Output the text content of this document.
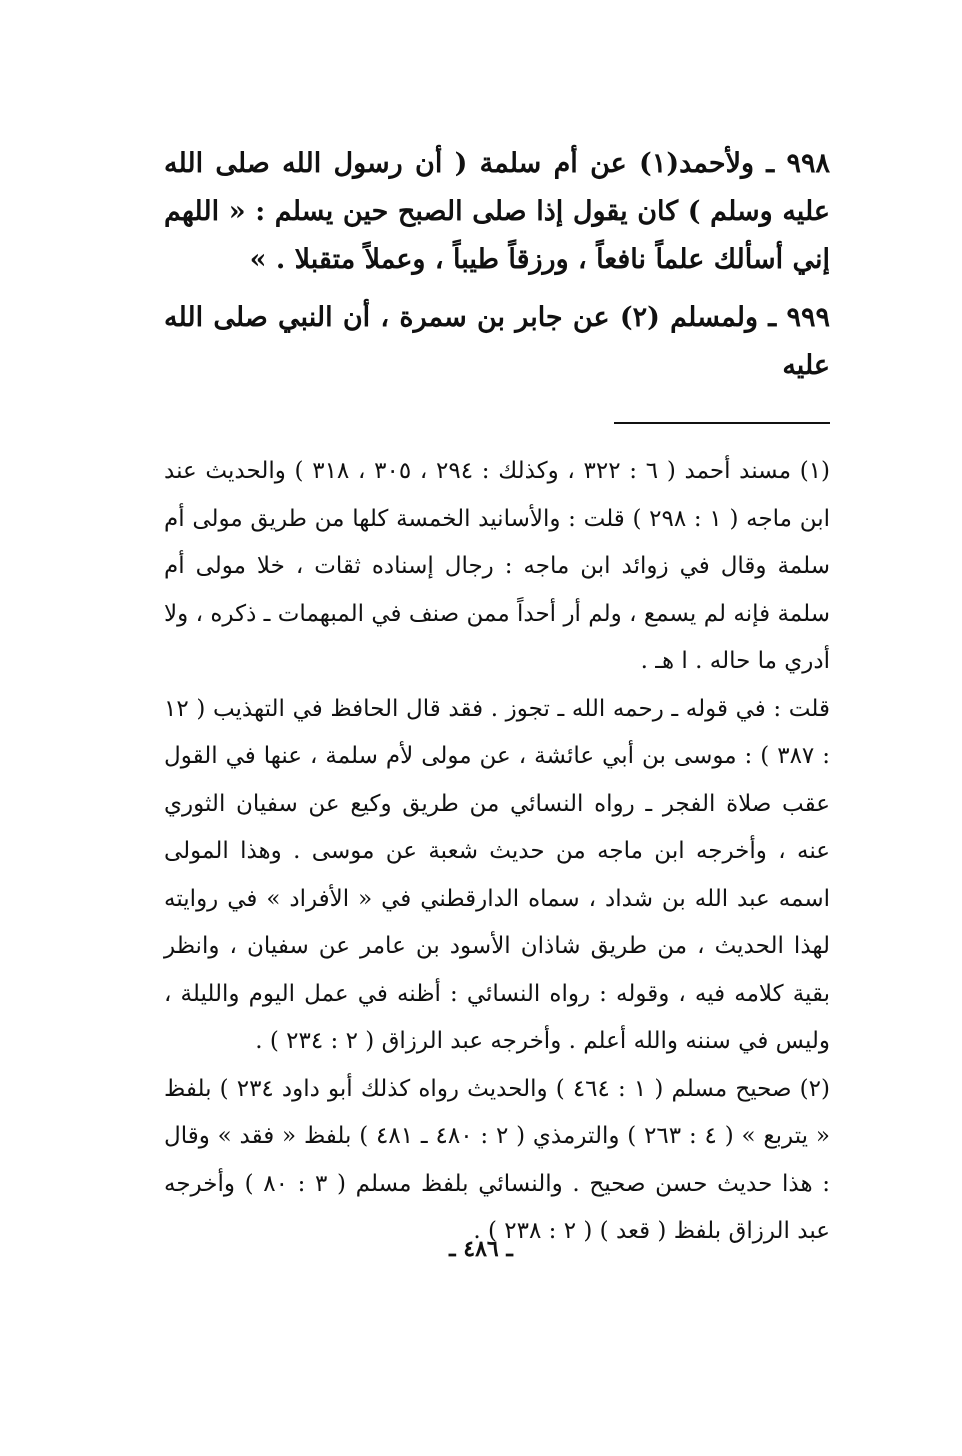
٩٩٨ ـ ولأحمد(١) عن أم سلمة ( أن رسول الله صلى الله عليه وسلم ) كان يقول إذا صلى الصبح حين يسلم : « اللهم إني أسألك علماً نافعاً ، ورزقاً طيباً ، وعملاً متقبلا . »

٩٩٩ ـ ولمسلم (٢) عن جابر بن سمرة ، أن النبي صلى الله عليه

(١) مسند أحمد ( ٦ : ٣٢٢ ، وكذلك : ٢٩٤ ، ٣٠٥ ، ٣١٨ ) والحديث عند ابن ماجه ( ١ : ٢٩٨ ) قلت : والأسانيد الخمسة كلها من طريق مولى أم سلمة وقال في زوائد ابن ماجه : رجال إسناده ثقات ، خلا مولى أم سلمة فإنه لم يسمع ، ولم أر أحداً ممن صنف في المبهمات ـ ذكره ، ولا أدري ما حاله . ا هـ .

قلت : في قوله ـ رحمه الله ـ تجوز . فقد قال الحافظ في التهذيب ( ١٢ : ٣٨٧ ) : موسى بن أبي عائشة ، عن مولى لأم سلمة ، عنها في القول عقب صلاة الفجر ـ رواه النسائي من طريق وكيع عن سفيان الثوري عنه ، وأخرجه ابن ماجه من حديث شعبة عن موسى . وهذا المولى اسمه عبد الله بن شداد ، سماه الدارقطني في « الأفراد » في روايته لهذا الحديث ، من طريق شاذان الأسود بن عامر عن سفيان ، وانظر بقية كلامه فيه ، وقوله : رواه النسائي : أظنه في عمل اليوم والليلة ، وليس في سننه والله أعلم . وأخرجه عبد الرزاق ( ٢ : ٢٣٤ ) .

(٢) صحيح مسلم ( ١ : ٤٦٤ ) والحديث رواه كذلك أبو داود ٢٣٤ ) بلفظ « يتربع » ( ٤ : ٢٦٣ ) والترمذي ( ٢ : ٤٨٠ ـ ٤٨١ ) بلفظ « فقد » وقال : هذا حديث حسن صحيح . والنسائي بلفظ مسلم ( ٣ : ٨٠ ) وأخرجه عبد الرزاق بلفظ ( قعد ) ( ٢ : ٢٣٨ ) .

ـ ٤٨٦ ـ
